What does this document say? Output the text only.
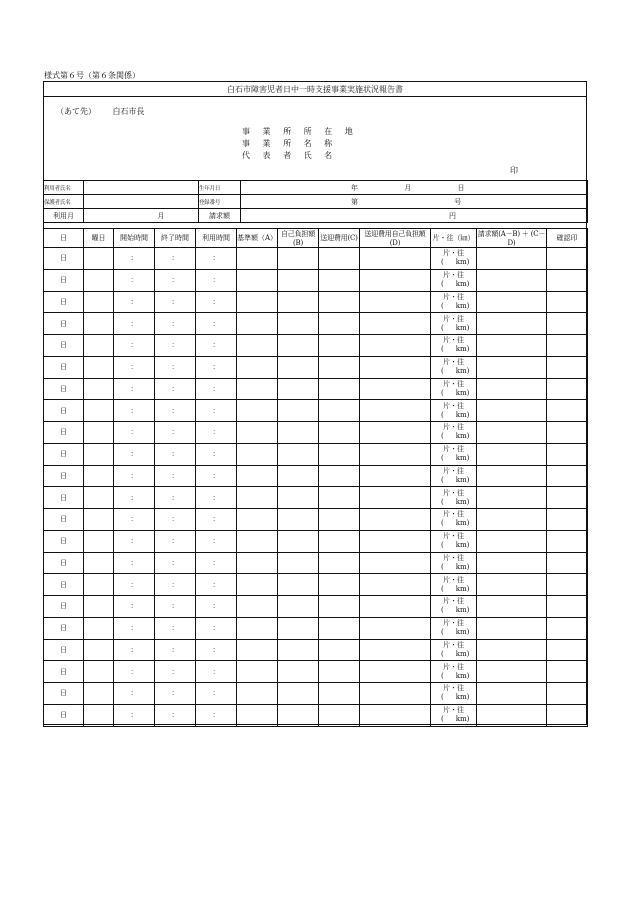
様式第６号（第６条関係）
白石市障害児者日中一時支援事業実施状況報告書
（あて先） 白石市長
事 業 所 所 在 地
事 業 所 名 称
代 表 者 氏 名
印
利用者氏名		生年月日	年 月 日
保護者氏名		登録番号	第 号
利用月	月	請求額	円
日	曜日	開始時間	終了時間	利用時間	基準額（A）	自己負担額(B)	送迎費用(C)	送迎費用自己負担額(D)	片・往（㎞）	請求額(A－B) ＋ (C－D)	確認印
日		：	：	：					片・往
( km)		

日		：	：	：					片・往
( km)		

日		：	：	：					片・往
( km)		

日		：	：	：					片・往
( km)		

日		：	：	：					片・往
( km)		

日		：	：	：					片・往
( km)		

日		：	：	：					片・往
( km)		

日		：	：	：					片・往
( km)		

日		：	：	：					片・往
( km)		

日		：	：	：					片・往
( km)		

日		：	：	：					片・往
( km)		

日		：	：	：					片・往
( km)		

日		：	：	：					片・往
( km)		

日		：	：	：					片・往
( km)		

日		：	：	：					片・往
( km)		

日		：	：	：					片・往
( km)		

日		：	：	：					片・往
( km)		

日		：	：	：					片・往
( km)		

日		：	：	：					片・往
( km)		

日		：	：	：					片・往
( km)		

日		：	：	：					片・往
( km)		

日		：	：	：					片・往
( km)		
